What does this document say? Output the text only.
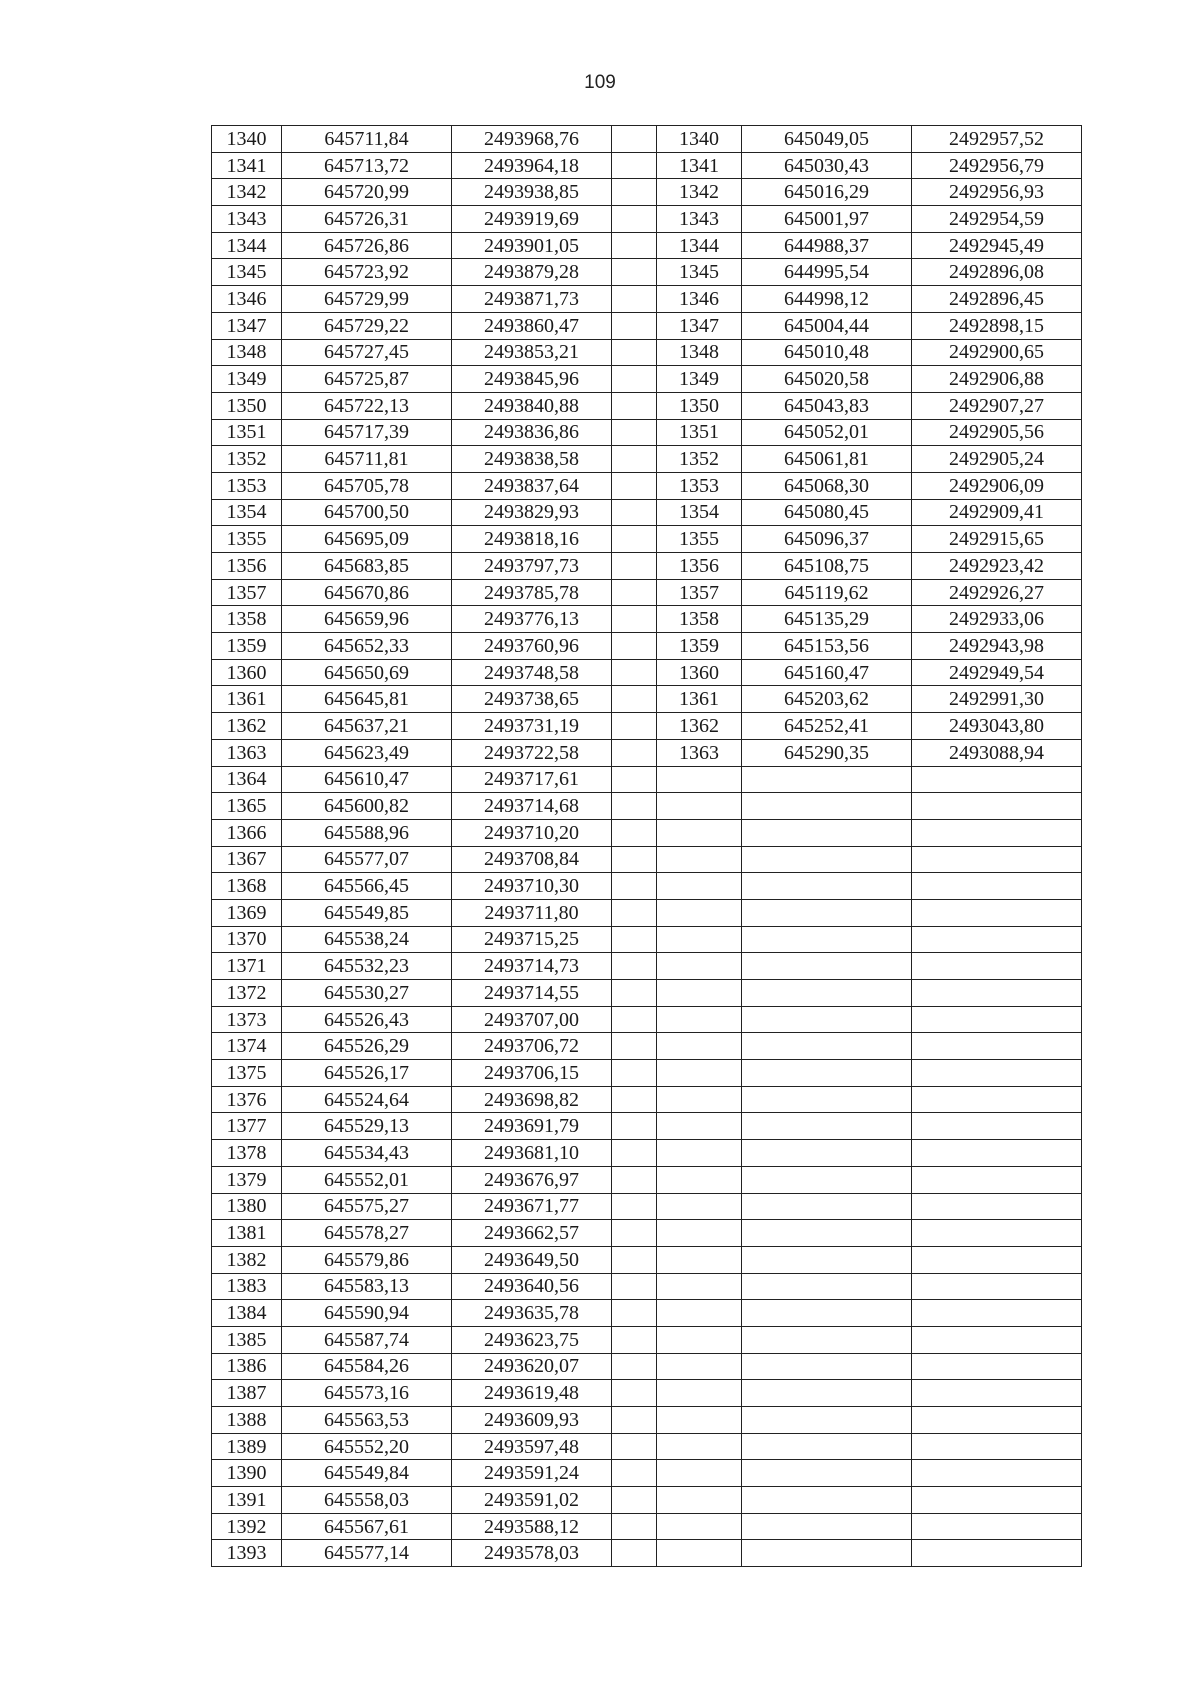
109
1340	645711,84	2493968,76		1340	645049,05	2492957,52
1341	645713,72	2493964,18		1341	645030,43	2492956,79
1342	645720,99	2493938,85		1342	645016,29	2492956,93
1343	645726,31	2493919,69		1343	645001,97	2492954,59
1344	645726,86	2493901,05		1344	644988,37	2492945,49
1345	645723,92	2493879,28		1345	644995,54	2492896,08
1346	645729,99	2493871,73		1346	644998,12	2492896,45
1347	645729,22	2493860,47		1347	645004,44	2492898,15
1348	645727,45	2493853,21		1348	645010,48	2492900,65
1349	645725,87	2493845,96		1349	645020,58	2492906,88
1350	645722,13	2493840,88		1350	645043,83	2492907,27
1351	645717,39	2493836,86		1351	645052,01	2492905,56
1352	645711,81	2493838,58		1352	645061,81	2492905,24
1353	645705,78	2493837,64		1353	645068,30	2492906,09
1354	645700,50	2493829,93		1354	645080,45	2492909,41
1355	645695,09	2493818,16		1355	645096,37	2492915,65
1356	645683,85	2493797,73		1356	645108,75	2492923,42
1357	645670,86	2493785,78		1357	645119,62	2492926,27
1358	645659,96	2493776,13		1358	645135,29	2492933,06
1359	645652,33	2493760,96		1359	645153,56	2492943,98
1360	645650,69	2493748,58		1360	645160,47	2492949,54
1361	645645,81	2493738,65		1361	645203,62	2492991,30
1362	645637,21	2493731,19		1362	645252,41	2493043,80
1363	645623,49	2493722,58		1363	645290,35	2493088,94
1364	645610,47	2493717,61				
1365	645600,82	2493714,68				
1366	645588,96	2493710,20				
1367	645577,07	2493708,84				
1368	645566,45	2493710,30				
1369	645549,85	2493711,80				
1370	645538,24	2493715,25				
1371	645532,23	2493714,73				
1372	645530,27	2493714,55				
1373	645526,43	2493707,00				
1374	645526,29	2493706,72				
1375	645526,17	2493706,15				
1376	645524,64	2493698,82				
1377	645529,13	2493691,79				
1378	645534,43	2493681,10				
1379	645552,01	2493676,97				
1380	645575,27	2493671,77				
1381	645578,27	2493662,57				
1382	645579,86	2493649,50				
1383	645583,13	2493640,56				
1384	645590,94	2493635,78				
1385	645587,74	2493623,75				
1386	645584,26	2493620,07				
1387	645573,16	2493619,48				
1388	645563,53	2493609,93				
1389	645552,20	2493597,48				
1390	645549,84	2493591,24				
1391	645558,03	2493591,02				
1392	645567,61	2493588,12				
1393	645577,14	2493578,03				
